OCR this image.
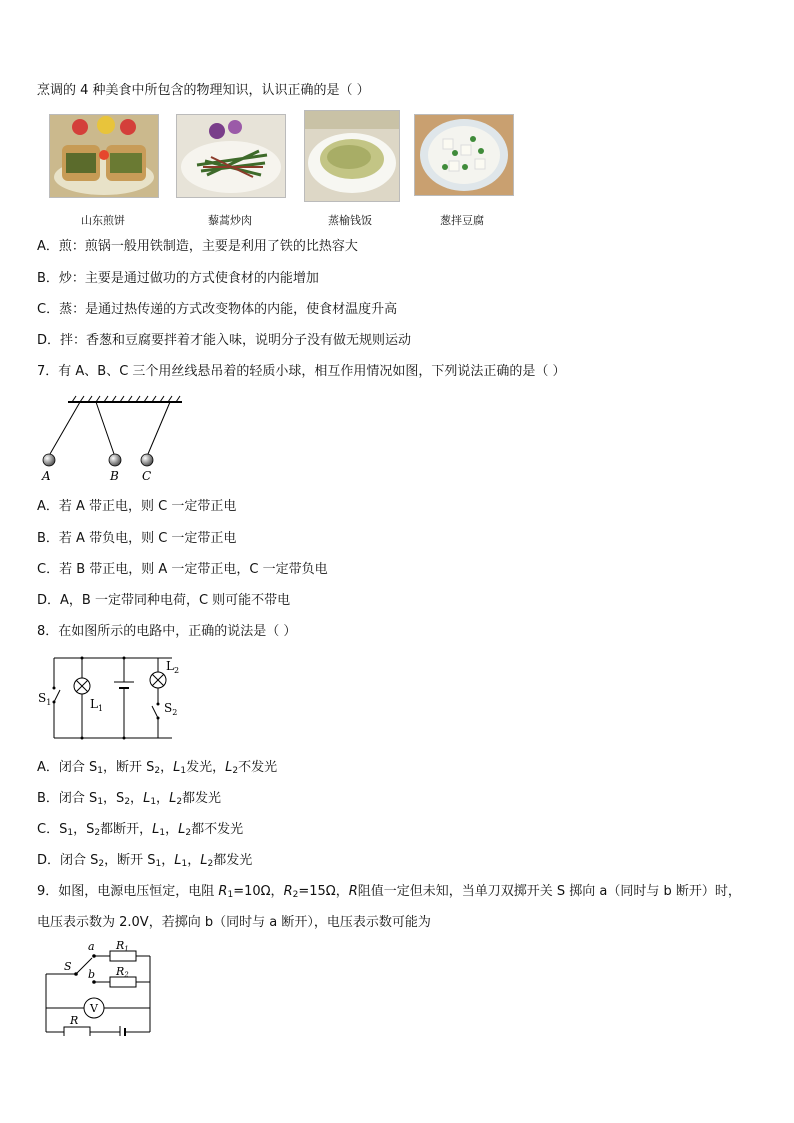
烹调的 4 种美食中所包含的物理知识，认识正确的是（ ）
山东煎饼	藜蒿炒肉	蒸榆钱饭	葱拌豆腐
A．煎：煎锅一般用铁制造，主要是利用了铁的比热容大
B．炒：主要是通过做功的方式使食材的内能增加
C．蒸：是通过热传递的方式改变物体的内能，使食材温度升高
D．拌：香葱和豆腐要拌着才能入味，说明分子没有做无规则运动
7．有 A、B、C 三个用丝线悬吊着的轻质小球，相互作用情况如图，下列说法正确的是（ ）
A	B C
A．若 A 带正电，则 C 一定带正电
B．若 A 带负电，则 C 一定带正电
C．若 B 带正电，则 A 一定带正电，C 一定带负电
D．A，B 一定带同种电荷，C 则可能不带电
8．在如图所示的电路中，正确的说法是（ ）
$S_1$	$L_1$
$L_2$
$S_2$
A．闭合 $S_1$，断开 $S_2$，$L_1$发光，$L_2$不发光
B．闭合 $S_1$，$S_2$，$L_1$，$L_2$都发光
C．$S_1$，$S_2$都断开，$L_1$，$L_2$都不发光
D．闭合 $S_2$，断开 $S_1$，$L_1$，$L_2$都发光
9．如图，电源电压恒定，电阻 $R_1=10\Omega$，$R_2=15\Omega$，R阻值一定但未知，当单刀双掷开关 S 掷向 a（同时与 b 断开）时，
电压表示数为 2.0V，若掷向 b（同时与 a 断开），电压表示数可能为
a
b
S
R1
R2
V
R
